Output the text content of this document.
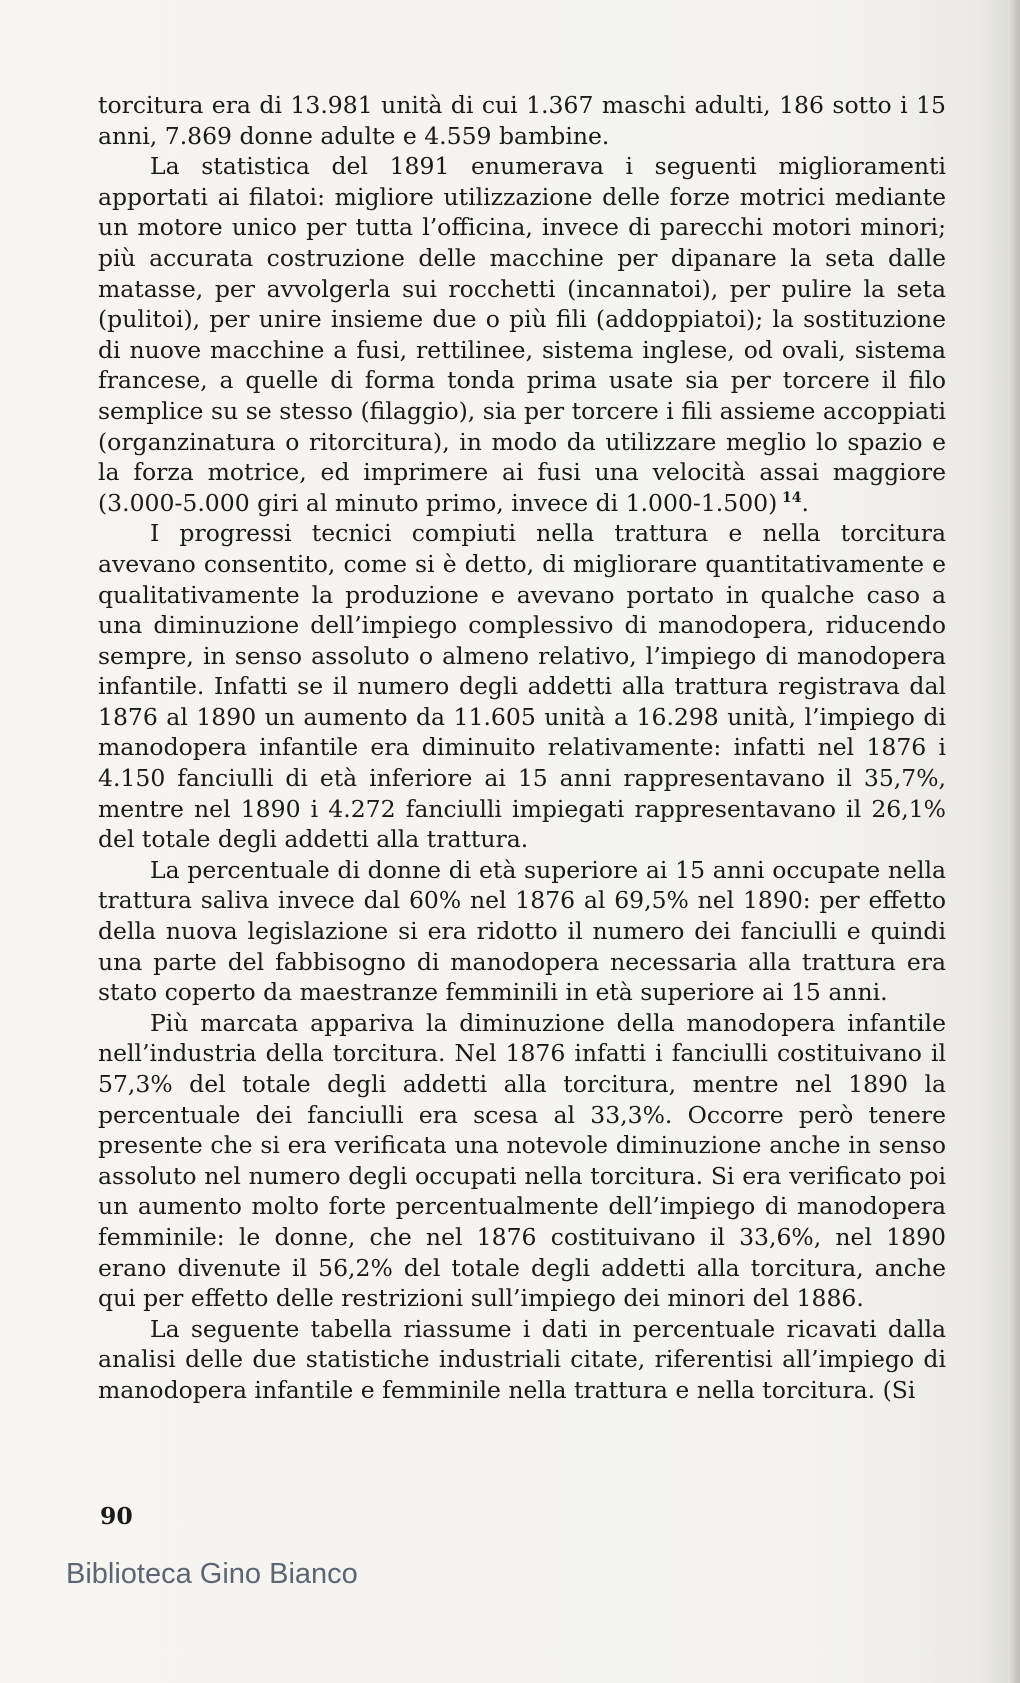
torcitura era di 13.981 unità di cui 1.367 maschi adulti, 186 sotto i 15 anni, 7.869 donne adulte e 4.559 bambine.

La statistica del 1891 enumerava i seguenti miglioramenti apportati ai filatoi: migliore utilizzazione delle forze motrici mediante un motore unico per tutta l’officina, invece di parecchi motori minori; più accurata costruzione delle macchine per dipanare la seta dalle matasse, per avvolgerla sui rocchetti (incannatoi), per pulire la seta (pulitoi), per unire insieme due o più fili (addoppiatoi); la sostituzione di nuove macchine a fusi, rettilinee, sistema inglese, od ovali, sistema francese, a quelle di forma tonda prima usate sia per torcere il filo semplice su se stesso (filaggio), sia per torcere i fili assieme accoppiati (organzinatura o ritorcitura), in modo da utilizzare meglio lo spazio e la forza motrice, ed imprimere ai fusi una velocità assai maggiore (3.000-5.000 giri al minuto primo, invece di 1.000-1.500)  $^{14}$.

I progressi tecnici compiuti nella trattura e nella torcitura avevano consentito, come si è detto, di migliorare quantitativamente e qualitativamente la produzione e avevano portato in qualche caso a una diminuzione dell’impiego complessivo di manodopera, riducendo sempre, in senso assoluto o almeno relativo, l’impiego di manodopera infantile. Infatti se il numero degli addetti alla trattura registrava dal 1876 al 1890 un aumento da 11.605 unità a 16.298 unità, l’impiego di manodopera infantile era diminuito relativamente: infatti nel 1876 i 4.150 fanciulli di età inferiore ai 15 anni rappresentavano il 35,7%, mentre nel 1890 i 4.272 fanciulli impiegati rappresentavano il 26,1% del totale degli addetti alla trattura.

La percentuale di donne di età superiore ai 15 anni occupate nella trattura saliva invece dal 60% nel 1876 al 69,5% nel 1890: per effetto della nuova legislazione si era ridotto il numero dei fanciulli e quindi una parte del fabbisogno di manodopera necessaria alla trattura era stato coperto da maestranze femminili in età superiore ai 15 anni.

Più marcata appariva la diminuzione della manodopera infantile nell’industria della torcitura. Nel 1876 infatti i fanciulli costituivano il 57,3% del totale degli addetti alla torcitura, mentre nel 1890 la percentuale dei fanciulli era scesa al 33,3%. Occorre però tenere presente che si era verificata una notevole diminuzione anche in senso assoluto nel numero degli occupati nella torcitura. Si era verificato poi un aumento molto forte percentualmente dell’impiego di manodopera femminile: le donne, che nel 1876 costituivano il 33,6%, nel 1890 erano divenute il 56,2% del totale degli addetti alla torcitura, anche qui per effetto delle restrizioni sull’impiego dei minori del 1886.

La seguente tabella riassume i dati in percentuale ricavati dalla analisi delle due statistiche industriali citate, riferentisi all’impiego di manodopera infantile e femminile nella trattura e nella torcitura. (Si

90
Biblioteca Gino Bianco
